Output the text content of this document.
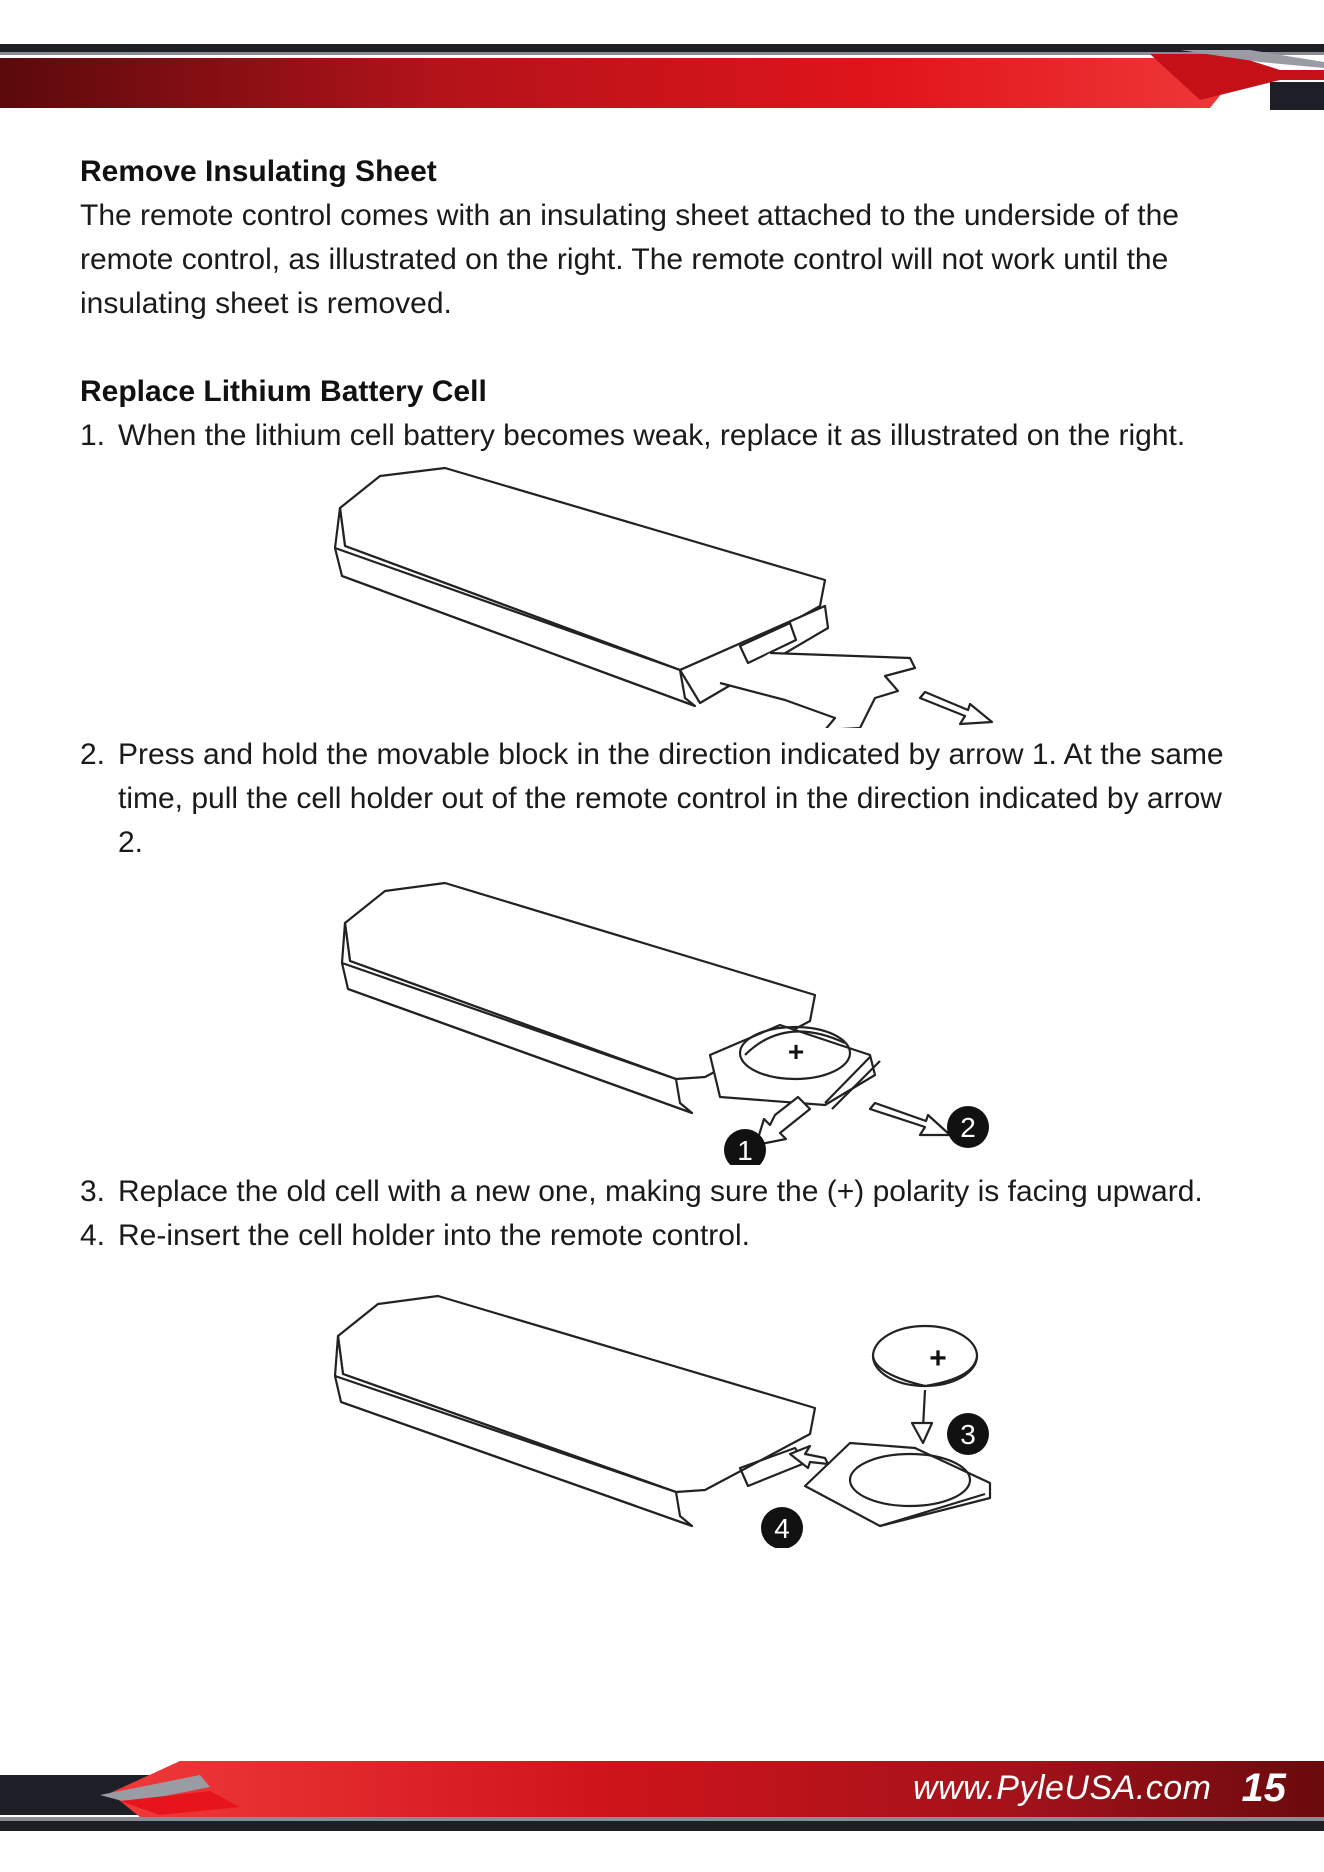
Remove Insulating Sheet

The remote control comes with an insulating sheet attached to the underside of the remote control, as illustrated on the right. The remote control will not work until the insulating sheet is removed.

Replace Lithium Battery Cell
1. When the lithium cell battery becomes weak, replace it as illustrated on the right.
2. Press and hold the movable block in the direction indicated by arrow 1. At the same time, pull the cell holder out of the remote control in the direction indicated by arrow 2.
+
1
2
3. Replace the old cell with a new one, making sure the (+) polarity is facing upward.
4. Re-insert the cell holder into the remote control.
+
3
4
www.PyleUSA.com 15
